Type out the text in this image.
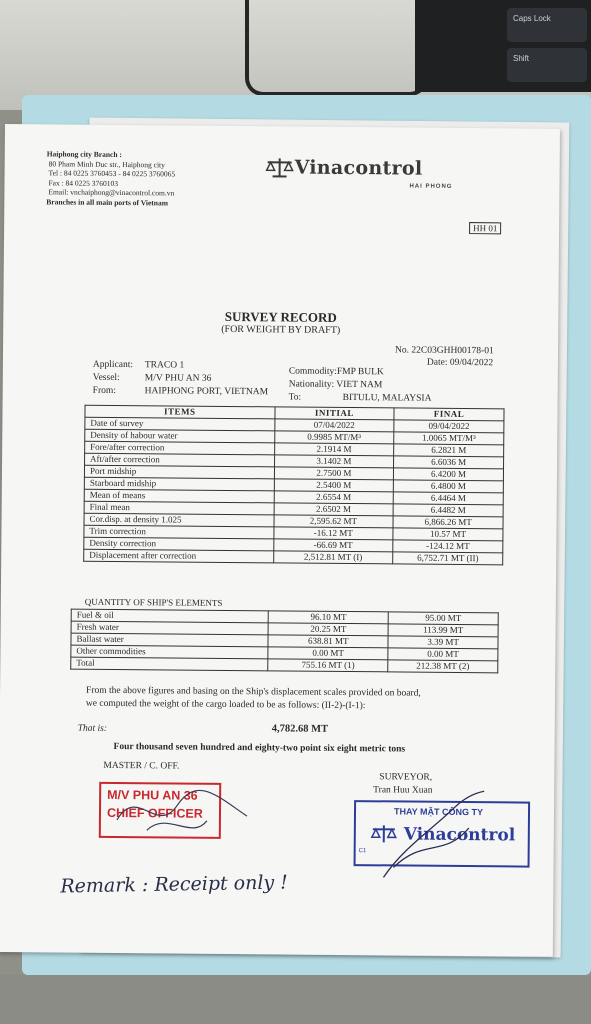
Caps Lock
Shift
Haiphong city Branch :
80 Pham Minh Duc str., Haiphong city
Tel : 84 0225 3760453 - 84 0225 3760065
Fax : 84 0225 3760103
Email: vnchaiphong@vinacontrol.com.vn
Branches in all main ports of Vietnam
Vinacontrol
HAI PHONG
HH 01
SURVEY RECORD
(FOR WEIGHT BY DRAFT)
No. 22C03GHH00178-01
Date: 09/04/2022
Applicant: TRACO 1
Vessel:	M/V PHU AN 36
From:	HAIPHONG PORT, VIETNAM
Commodity:FMP BULK
Nationality: VIET NAM
To:	BITULU, MALAYSIA
ITEMS	INITIAL	FINAL
Date of survey	07/04/2022	09/04/2022
Density of habour water	0.9985 MT/M³	1.0065 MT/M³
Fore/after correction	2.1914 M	6.2821 M
Aft/after correction	3.1402 M	6.6036 M
Port midship	2.7500 M	6.4200 M
Starboard midship	2.5400 M	6.4800 M
Mean of means	2.6554 M	6.4464 M
Final mean	2.6502 M	6.4482 M
Cor.disp. at density 1.025	2,595.62 MT	6,866.26 MT
Trim correction	-16.12 MT	10.57 MT
Density correction	-66.69 MT	-124.12 MT
Displacement after correction	2,512.81 MT (I)	6,752.71 MT (II)
QUANTITY OF SHIP'S ELEMENTS
Fuel & oil	96.10 MT	95.00 MT
Fresh water	20.25 MT	113.99 MT
Ballast water	638.81 MT	3.39 MT
Other commodities	0.00 MT	0.00 MT
Total	755.16 MT (1)	212.38 MT (2)
From the above figures and basing on the Ship's displacement scales provided on board,
we computed the weight of the cargo loaded to be as follows: (II-2)-(I-1):
That is:	4,782.68 MT
Four thousand seven hundred and eighty-two point six eight metric tons
MASTER / C. OFF.
SURVEYOR,
Tran Huu Xuan
M/V PHU AN 36
CHIEF OFFICER	THAY MẶT CÔNG TY
Vinacontrol
C1
Remark : Receipt only !
